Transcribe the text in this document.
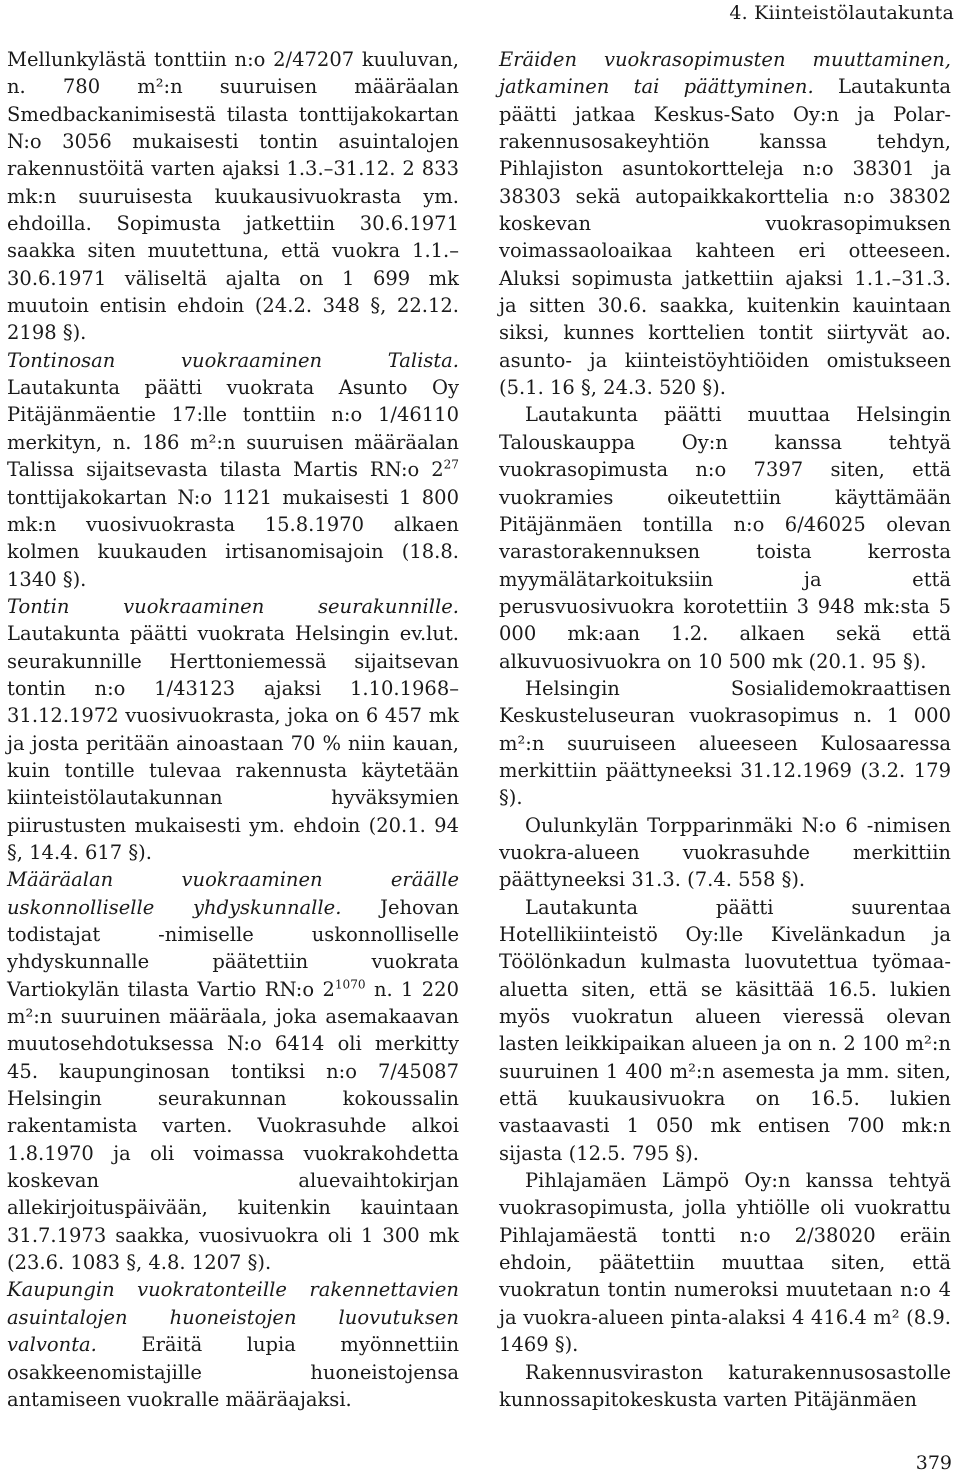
4. Kiinteistölautakunta

Mellunkylästä tonttiin n:o 2/47207 kuuluvan, n. 780 m²:n suuruisen määräalan Smedbackanimisestä tilasta tonttijakokartan N:o 3056 mukaisesti tontin asuintalojen rakennustöitä varten ajaksi 1.3.–31.12. 2 833 mk:n suuruisesta kuukausivuokrasta ym. ehdoilla. Sopimusta jatkettiin 30.6.1971 saakka siten muutettuna, että vuokra 1.1.–30.6.1971 väliseltä ajalta on 1 699 mk muutoin entisin ehdoin (24.2. 348 §, 22.12. 2198 §).

Tontinosan vuokraaminen Talista. Lautakunta päätti vuokrata Asunto Oy Pitäjänmäentie 17:lle tonttiin n:o 1/46110 merkityn, n. 186 m²:n suuruisen määräalan Talissa sijaitsevasta tilasta Martis RN:o $2^{27}$ tonttijakokartan N:o 1121 mukaisesti 1 800 mk:n vuosivuokrasta 15.8.1970 alkaen kolmen kuukauden irtisanomisajoin (18.8. 1340 §).

Tontin vuokraaminen seurakunnille. Lautakunta päätti vuokrata Helsingin ev.lut. seurakunnille Herttoniemessä sijaitsevan tontin n:o 1/43123 ajaksi 1.10.1968–31.12.1972 vuosivuokrasta, joka on 6 457 mk ja josta peritään ainoastaan 70 % niin kauan, kuin tontille tulevaa rakennusta käytetään kiinteistölautakunnan hyväksymien piirustusten mukaisesti ym. ehdoin (20.1. 94 §, 14.4. 617 §).

Määräalan vuokraaminen eräälle uskonnolliselle yhdyskunnalle. Jehovan todistajat -nimiselle uskonnolliselle yhdyskunnalle päätettiin vuokrata Vartiokylän tilasta Vartio RN:o $2^{1070}$ n. 1 220 m²:n suuruinen määräala, joka asemakaavan muutosehdotuksessa N:o 6414 oli merkitty 45. kaupunginosan tontiksi n:o 7/45087 Helsingin seurakunnan kokoussalin rakentamista varten. Vuokrasuhde alkoi 1.8.1970 ja oli voimassa vuokrakohdetta koskevan aluevaihtokirjan allekirjoituspäivään, kuitenkin kauintaan 31.7.1973 saakka, vuosivuokra oli 1 300 mk (23.6. 1083 §, 4.8. 1207 §).

Kaupungin vuokratonteille rakennettavien asuintalojen huoneistojen luovutuksen valvonta. Eräitä lupia myönnettiin osakkeenomistajille huoneistojensa antamiseen vuokralle määräajaksi.

Eräiden vuokrasopimusten muuttaminen, jatkaminen tai päättyminen. Lautakunta päätti jatkaa Keskus-Sato Oy:n ja Polar-rakennusosakeyhtiön kanssa tehdyn, Pihlajiston asuntokortteleja n:o 38301 ja 38303 sekä autopaikkakorttelia n:o 38302 koskevan vuokrasopimuksen voimassaoloaikaa kahteen eri otteeseen. Aluksi sopimusta jatkettiin ajaksi 1.1.–31.3. ja sitten 30.6. saakka, kuitenkin kauintaan siksi, kunnes korttelien tontit siirtyvät ao. asunto- ja kiinteistöyhtiöiden omistukseen (5.1. 16 §, 24.3. 520 §).

Lautakunta päätti muuttaa Helsingin Talouskauppa Oy:n kanssa tehtyä vuokrasopimusta n:o 7397 siten, että vuokramies oikeutettiin käyttämään Pitäjänmäen tontilla n:o 6/46025 olevan varastorakennuksen toista kerrosta myymälätarkoituksiin ja että perusvuosivuokra korotettiin 3 948 mk:sta 5 000 mk:aan 1.2. alkaen sekä että alkuvuosivuokra on 10 500 mk (20.1. 95 §).

Helsingin Sosialidemokraattisen Keskusteluseuran vuokrasopimus n. 1 000 m²:n suuruiseen alueeseen Kulosaaressa merkittiin päättyneeksi 31.12.1969 (3.2. 179 §).

Oulunkylän Torpparinmäki N:o 6 -nimisen vuokra-alueen vuokrasuhde merkittiin päättyneeksi 31.3. (7.4. 558 §).

Lautakunta päätti suurentaa Hotellikiinteistö Oy:lle Kivelänkadun ja Töölönkadun kulmasta luovutettua työmaa-aluetta siten, että se käsittää 16.5. lukien myös vuokratun alueen vieressä olevan lasten leikkipaikan alueen ja on n. 2 100 m²:n suuruinen 1 400 m²:n asemesta ja mm. siten, että kuukausivuokra on 16.5. lukien vastaavasti 1 050 mk entisen 700 mk:n sijasta (12.5. 795 §).

Pihlajamäen Lämpö Oy:n kanssa tehtyä vuokrasopimusta, jolla yhtiölle oli vuokrattu Pihlajamäestä tontti n:o 2/38020 eräin ehdoin, päätettiin muuttaa siten, että vuokratun tontin numeroksi muutetaan n:o 4 ja vuokra-alueen pinta-alaksi 4 416.4 m² (8.9. 1469 §).

Rakennusviraston katurakennusosastolle kunnossapitokeskusta varten Pitäjänmäen

379
